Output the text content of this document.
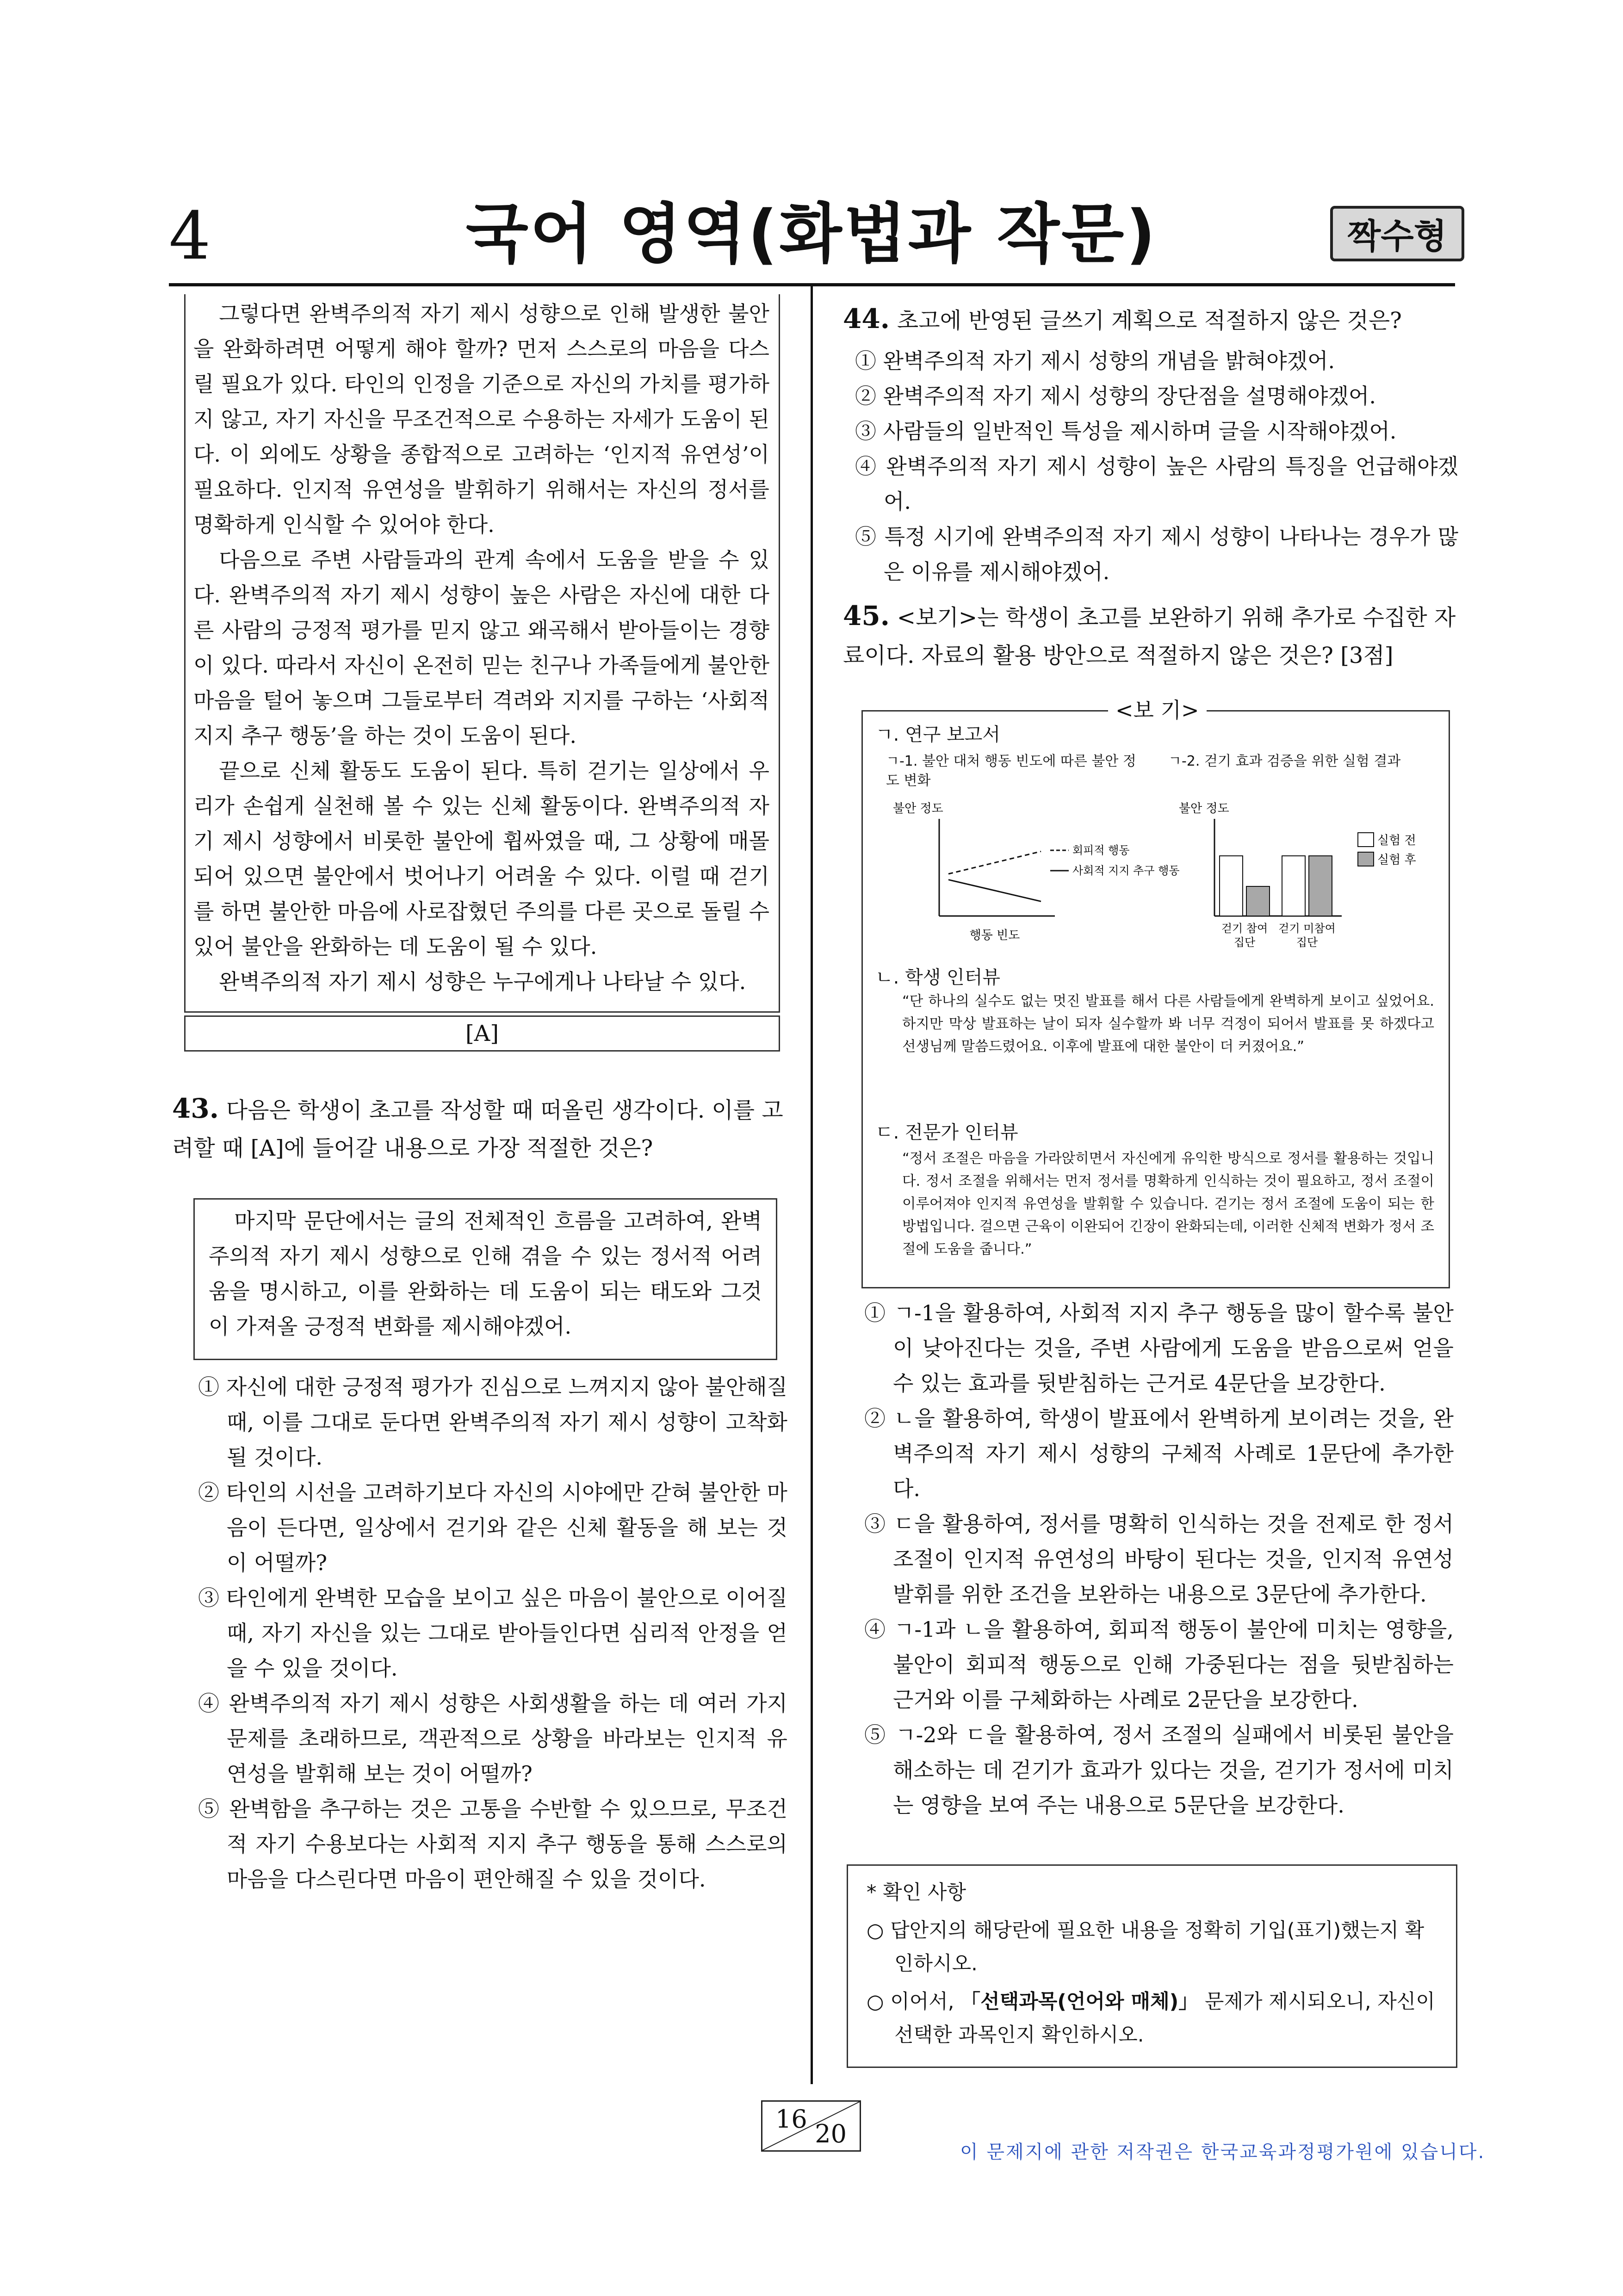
4	국어 영역(화법과 작문)	짝수형

그렇다면 완벽주의적 자기 제시 성향으로 인해 발생한 불안을 완화하려면 어떻게 해야 할까? 먼저 스스로의 마음을 다스릴 필요가 있다. 타인의 인정을 기준으로 자신의 가치를 평가하지 않고, 자기 자신을 무조건적으로 수용하는 자세가 도움이 된다. 이 외에도 상황을 종합적으로 고려하는 ‘인지적 유연성’이 필요하다. 인지적 유연성을 발휘하기 위해서는 자신의 정서를 명확하게 인식할 수 있어야 한다.

다음으로 주변 사람들과의 관계 속에서 도움을 받을 수 있다. 완벽주의적 자기 제시 성향이 높은 사람은 자신에 대한 다른 사람의 긍정적 평가를 믿지 않고 왜곡해서 받아들이는 경향이 있다. 따라서 자신이 온전히 믿는 친구나 가족들에게 불안한 마음을 털어 놓으며 그들로부터 격려와 지지를 구하는 ‘사회적 지지 추구 행동’을 하는 것이 도움이 된다.

끝으로 신체 활동도 도움이 된다. 특히 걷기는 일상에서 우리가 손쉽게 실천해 볼 수 있는 신체 활동이다. 완벽주의적 자기 제시 성향에서 비롯한 불안에 휩싸였을 때, 그 상황에 매몰되어 있으면 불안에서 벗어나기 어려울 수 있다. 이럴 때 걷기를 하면 불안한 마음에 사로잡혔던 주의를 다른 곳으로 돌릴 수 있어 불안을 완화하는 데 도움이 될 수 있다.

완벽주의적 자기 제시 성향은 누구에게나 나타날 수 있다.

[A]
43. 다음은 학생이 초고를 작성할 때 떠올린 생각이다. 이를 고려할 때 [A]에 들어갈 내용으로 가장 적절한 것은?

마지막 문단에서는 글의 전체적인 흐름을 고려하여, 완벽주의적 자기 제시 성향으로 인해 겪을 수 있는 정서적 어려움을 명시하고, 이를 완화하는 데 도움이 되는 태도와 그것이 가져올 긍정적 변화를 제시해야겠어.

① 자신에 대한 긍정적 평가가 진심으로 느껴지지 않아 불안해질 때, 이를 그대로 둔다면 완벽주의적 자기 제시 성향이 고착화될 것이다.

② 타인의 시선을 고려하기보다 자신의 시야에만 갇혀 불안한 마음이 든다면, 일상에서 걷기와 같은 신체 활동을 해 보는 것이 어떨까?

③ 타인에게 완벽한 모습을 보이고 싶은 마음이 불안으로 이어질 때, 자기 자신을 있는 그대로 받아들인다면 심리적 안정을 얻을 수 있을 것이다.

④ 완벽주의적 자기 제시 성향은 사회생활을 하는 데 여러 가지 문제를 초래하므로, 객관적으로 상황을 바라보는 인지적 유연성을 발휘해 보는 것이 어떨까?

⑤ 완벽함을 추구하는 것은 고통을 수반할 수 있으므로, 무조건적 자기 수용보다는 사회적 지지 추구 행동을 통해 스스로의 마음을 다스린다면 마음이 편안해질 수 있을 것이다.

44. 초고에 반영된 글쓰기 계획으로 적절하지 않은 것은?

① 완벽주의적 자기 제시 성향의 개념을 밝혀야겠어.

② 완벽주의적 자기 제시 성향의 장단점을 설명해야겠어.

③ 사람들의 일반적인 특성을 제시하며 글을 시작해야겠어.

④ 완벽주의적 자기 제시 성향이 높은 사람의 특징을 언급해야겠어.

⑤ 특정 시기에 완벽주의적 자기 제시 성향이 나타나는 경우가 많은 이유를 제시해야겠어.

45. <보기>는 학생이 초고를 보완하기 위해 추가로 수집한 자료이다. 자료의 활용 방안으로 적절하지 않은 것은? [3점]
<보 기>
ㄱ. 연구 보고서
ㄱ-1. 불안 대처 행동 빈도에 따른 불안 정도 변화
ㄱ-2. 걷기 효과 검증을 위한 실험 결과
불안 정도
회피적 행동
사회적 지지 추구 행동
행동 빈도
불안 정도
실험 전
실험 후
걷기 참여
집단
걷기 미참여
집단
ㄴ. 학생 인터뷰
“단 하나의 실수도 없는 멋진 발표를 해서 다른 사람들에게 완벽하게 보이고 싶었어요. 하지만 막상 발표하는 날이 되자 실수할까 봐 너무 걱정이 되어서 발표를 못 하겠다고 선생님께 말씀드렸어요. 이후에 발표에 대한 불안이 더 커졌어요.”
ㄷ. 전문가 인터뷰
“정서 조절은 마음을 가라앉히면서 자신에게 유익한 방식으로 정서를 활용하는 것입니다. 정서 조절을 위해서는 먼저 정서를 명확하게 인식하는 것이 필요하고, 정서 조절이 이루어져야 인지적 유연성을 발휘할 수 있습니다. 걷기는 정서 조절에 도움이 되는 한 방법입니다. 걸으면 근육이 이완되어 긴장이 완화되는데, 이러한 신체적 변화가 정서 조절에 도움을 줍니다.”

① ㄱ-1을 활용하여, 사회적 지지 추구 행동을 많이 할수록 불안이 낮아진다는 것을, 주변 사람에게 도움을 받음으로써 얻을 수 있는 효과를 뒷받침하는 근거로 4문단을 보강한다.

② ㄴ을 활용하여, 학생이 발표에서 완벽하게 보이려는 것을, 완벽주의적 자기 제시 성향의 구체적 사례로 1문단에 추가한다.

③ ㄷ을 활용하여, 정서를 명확히 인식하는 것을 전제로 한 정서 조절이 인지적 유연성의 바탕이 된다는 것을, 인지적 유연성 발휘를 위한 조건을 보완하는 내용으로 3문단에 추가한다.

④ ㄱ-1과 ㄴ을 활용하여, 회피적 행동이 불안에 미치는 영향을, 불안이 회피적 행동으로 인해 가중된다는 점을 뒷받침하는 근거와 이를 구체화하는 사례로 2문단을 보강한다.

⑤ ㄱ-2와 ㄷ을 활용하여, 정서 조절의 실패에서 비롯된 불안을 해소하는 데 걷기가 효과가 있다는 것을, 걷기가 정서에 미치는 영향을 보여 주는 내용으로 5문단을 보강한다.

* 확인 사항

○ 답안지의 해당란에 필요한 내용을 정확히 기입(표기)했는지 확인하시오.

○ 이어서, 「선택과목(언어와 매체)」 문제가 제시되오니, 자신이 선택한 과목인지 확인하시오.

16
20
이 문제지에 관한 저작권은 한국교육과정평가원에 있습니다.
